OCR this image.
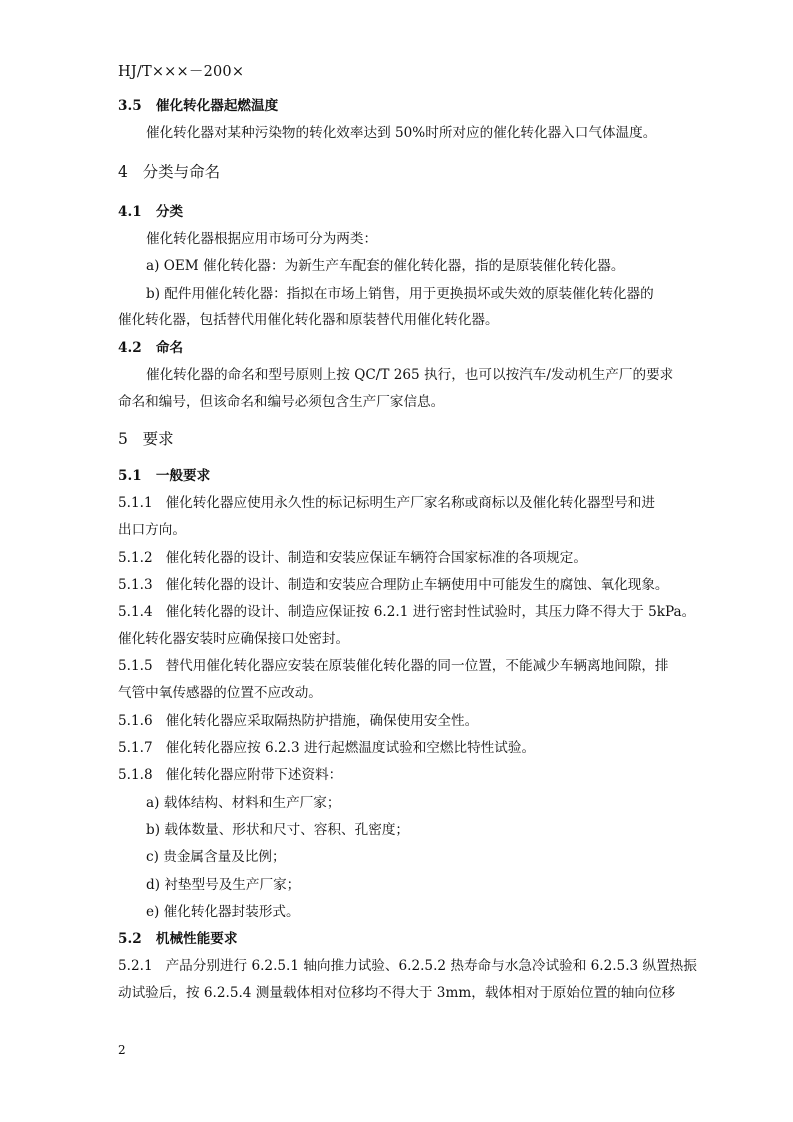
HJ/T×××－200×
3.5 催化转化器起燃温度
催化转化器对某种污染物的转化效率达到 50%时所对应的催化转化器入口气体温度。
4 分类与命名
4.1 分类
催化转化器根据应用市场可分为两类：
a) OEM 催化转化器：为新生产车配套的催化转化器，指的是原装催化转化器。
b) 配件用催化转化器：指拟在市场上销售，用于更换损坏或失效的原装催化转化器的
催化转化器，包括替代用催化转化器和原装替代用催化转化器。
4.2 命名
催化转化器的命名和型号原则上按 QC/T 265 执行，也可以按汽车/发动机生产厂的要求
命名和编号，但该命名和编号必须包含生产厂家信息。
5 要求
5.1 一般要求
5.1.1 催化转化器应使用永久性的标记标明生产厂家名称或商标以及催化转化器型号和进
出口方向。
5.1.2 催化转化器的设计、制造和安装应保证车辆符合国家标准的各项规定。
5.1.3 催化转化器的设计、制造和安装应合理防止车辆使用中可能发生的腐蚀、氧化现象。
5.1.4 催化转化器的设计、制造应保证按 6.2.1 进行密封性试验时，其压力降不得大于 5kPa。
催化转化器安装时应确保接口处密封。
5.1.5 替代用催化转化器应安装在原装催化转化器的同一位置，不能减少车辆离地间隙，排
气管中氧传感器的位置不应改动。
5.1.6 催化转化器应采取隔热防护措施，确保使用安全性。
5.1.7 催化转化器应按 6.2.3 进行起燃温度试验和空燃比特性试验。
5.1.8 催化转化器应附带下述资料：
a) 载体结构、材料和生产厂家；
b) 载体数量、形状和尺寸、容积、孔密度；
c) 贵金属含量及比例；
d) 衬垫型号及生产厂家；
e) 催化转化器封装形式。
5.2 机械性能要求
5.2.1 产品分别进行 6.2.5.1 轴向推力试验、6.2.5.2 热寿命与水急冷试验和 6.2.5.3 纵置热振
动试验后，按 6.2.5.4 测量载体相对位移均不得大于 3mm，载体相对于原始位置的轴向位移
2
